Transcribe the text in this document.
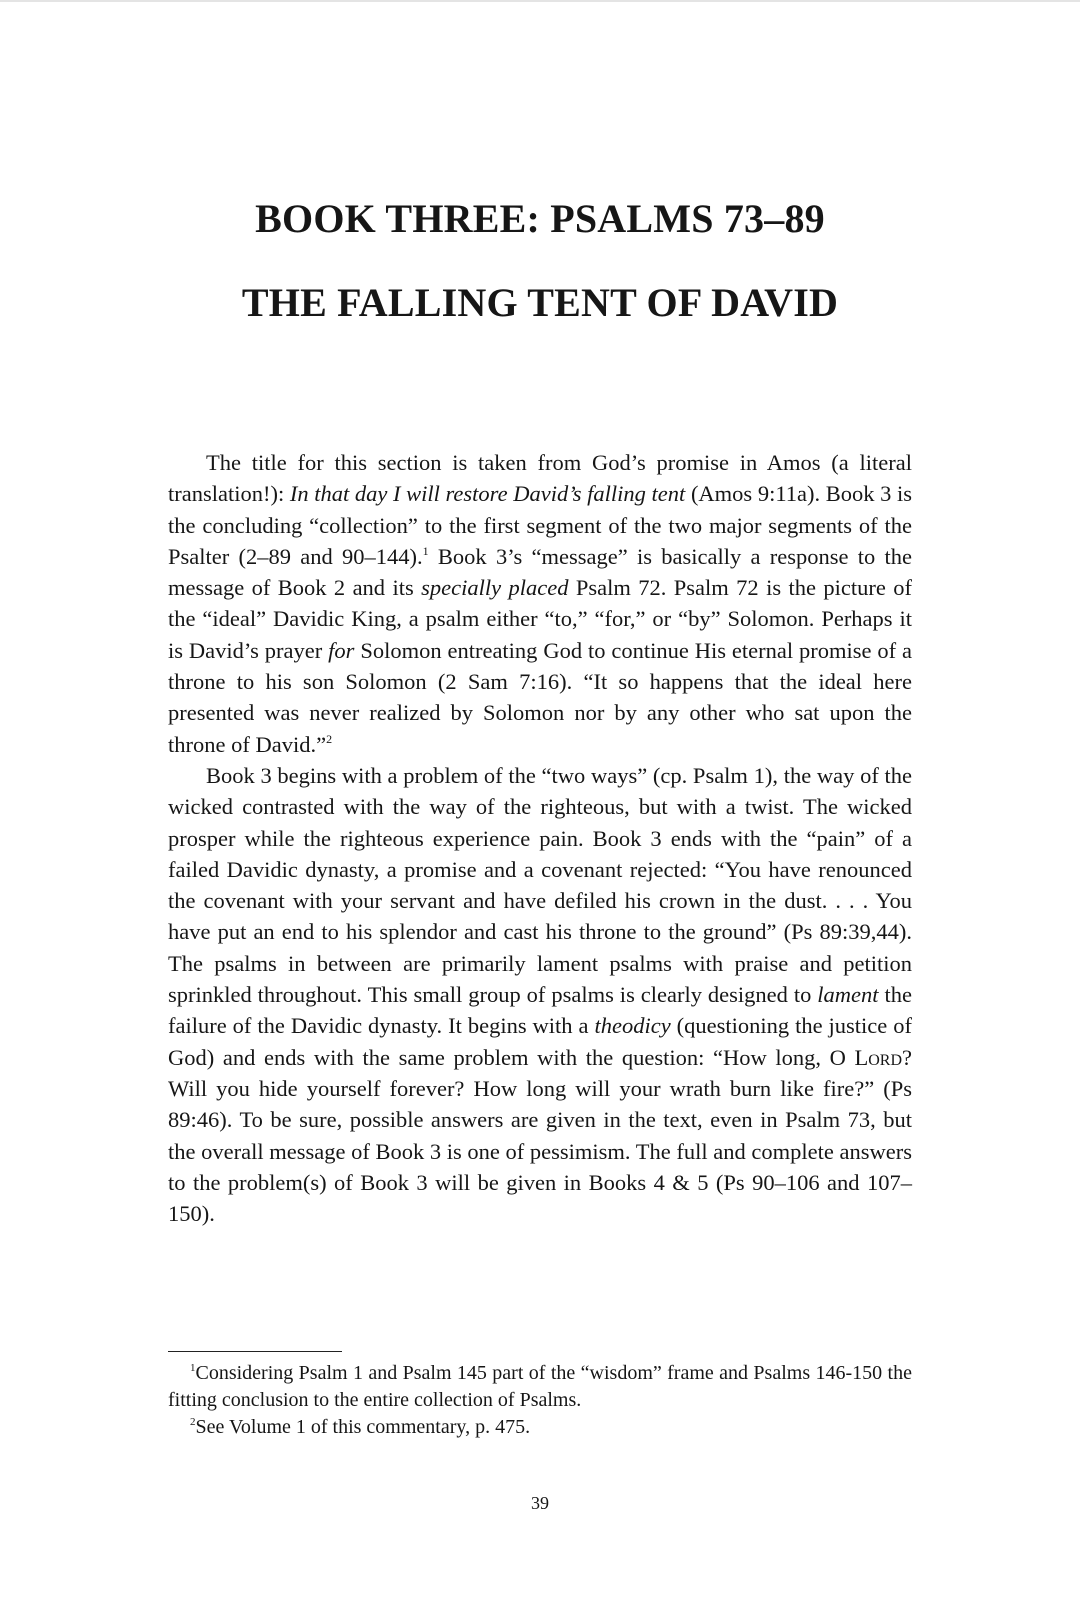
BOOK THREE: PSALMS 73–89
THE FALLING TENT OF DAVID

The title for this section is taken from God’s promise in Amos (a literal translation!): In that day I will restore David’s falling tent (Amos 9:11a). Book 3 is the concluding “collection” to the first segment of the two major segments of the Psalter (2–89 and 90–144).$^1$ Book 3’s “message” is basically a response to the message of Book 2 and its specially placed Psalm 72. Psalm 72 is the picture of the “ideal” Davidic King, a psalm either “to,” “for,” or “by” Solomon. Perhaps it is David’s prayer for Solomon entreating God to continue His eternal promise of a throne to his son Solomon (2 Sam 7:16). “It so happens that the ideal here presented was never realized by Solomon nor by any other who sat upon the throne of David.”$^2$

Book 3 begins with a problem of the “two ways” (cp. Psalm 1), the way of the wicked contrasted with the way of the righteous, but with a twist. The wicked prosper while the righteous experience pain. Book 3 ends with the “pain” of a failed Davidic dynasty, a promise and a covenant rejected: “You have renounced the covenant with your servant and have defiled his crown in the dust. . . . You have put an end to his splendor and cast his throne to the ground” (Ps 89:39,44). The psalms in between are primarily lament psalms with praise and petition sprinkled throughout. This small group of psalms is clearly designed to lament the failure of the Davidic dynasty. It begins with a theodicy (questioning the justice of God) and ends with the same problem with the question: “How long, O Lord? Will you hide yourself forever? How long will your wrath burn like fire?” (Ps 89:46). To be sure, possible answers are given in the text, even in Psalm 73, but the overall message of Book 3 is one of pessimism. The full and complete answers to the problem(s) of Book 3 will be given in Books 4 & 5 (Ps 90–106 and 107–150).

$^1$Considering Psalm 1 and Psalm 145 part of the “wisdom” frame and Psalms 146-150 the fitting conclusion to the entire collection of Psalms.

$^2$See Volume 1 of this commentary, p. 475.

39
